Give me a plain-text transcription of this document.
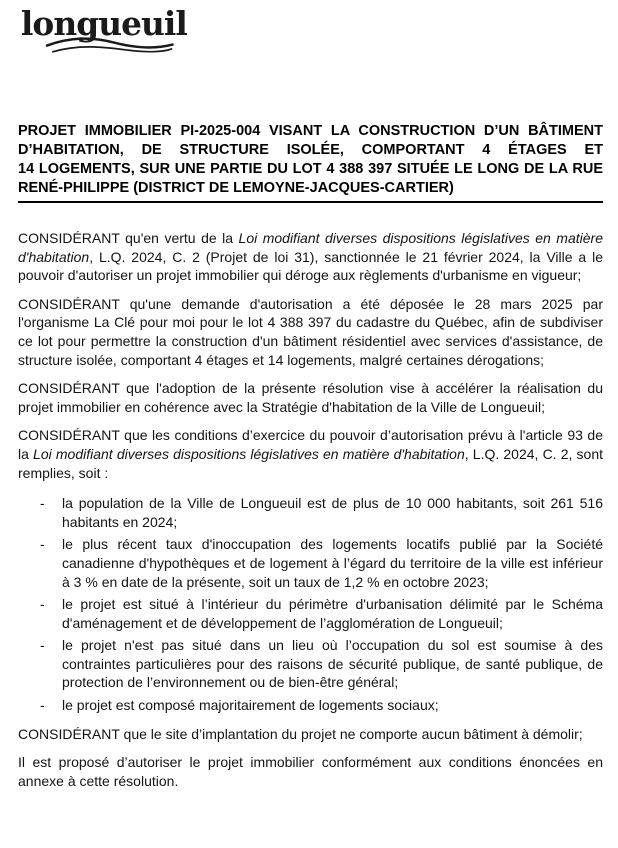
longueuil
PROJET IMMOBILIER PI-2025-004 VISANT LA CONSTRUCTION D’UN BÂTIMENT D’HABITATION, DE STRUCTURE ISOLÉE, COMPORTANT 4 ÉTAGES ET 14 LOGEMENTS, SUR UNE PARTIE DU LOT 4 388 397 SITUÉE LE LONG DE LA RUE RENÉ-PHILIPPE (DISTRICT DE LEMOYNE-JACQUES-CARTIER)

CONSIDÉRANT qu'en vertu de la Loi modifiant diverses dispositions législatives en matière d'habitation, L.Q. 2024, C. 2 (Projet de loi 31), sanctionnée le 21 février 2024, la Ville a le pouvoir d'autoriser un projet immobilier qui déroge aux règlements d'urbanisme en vigueur;

CONSIDÉRANT qu'une demande d'autorisation a été déposée le 28 mars 2025 par l'organisme La Clé pour moi pour le lot 4 388 397 du cadastre du Québec, afin de subdiviser ce lot pour permettre la construction d'un bâtiment résidentiel avec services d'assistance, de structure isolée, comportant 4 étages et 14 logements, malgré certaines dérogations;

CONSIDÉRANT que l'adoption de la présente résolution vise à accélérer la réalisation du projet immobilier en cohérence avec la Stratégie d'habitation de la Ville de Longueuil;

CONSIDÉRANT que les conditions d’exercice du pouvoir d’autorisation prévu à l'article 93 de la Loi modifiant diverses dispositions législatives en matière d'habitation, L.Q. 2024, C. 2, sont remplies, soit :

- la population de la Ville de Longueuil est de plus de 10 000 habitants, soit 261 516 habitants en 2024;
- le plus récent taux d'inoccupation des logements locatifs publié par la Société canadienne d'hypothèques et de logement à l’égard du territoire de la ville est inférieur à 3 % en date de la présente, soit un taux de 1,2 % en octobre 2023;
- le projet est situé à l’intérieur du périmètre d'urbanisation délimité par le Schéma d'aménagement et de développement de l’agglomération de Longueuil;
- le projet n'est pas situé dans un lieu où l’occupation du sol est soumise à des contraintes particulières pour des raisons de sécurité publique, de santé publique, de protection de l’environnement ou de bien-être général;
- le projet est composé majoritairement de logements sociaux;

CONSIDÉRANT que le site d’implantation du projet ne comporte aucun bâtiment à démolir;

Il est proposé d’autoriser le projet immobilier conformément aux conditions énoncées en annexe à cette résolution.
